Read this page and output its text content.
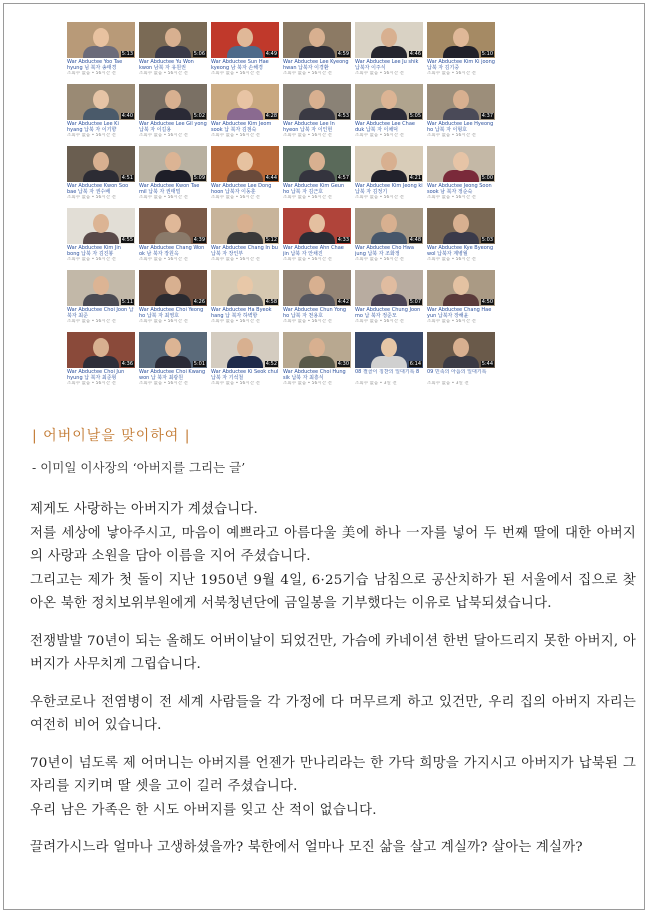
5:13
War Abductee Yoo Tae hyung 님 북자 송태경
조회수 없음 • 56시간 전
5:06
War Abductee Yu Won kwon 남북 자 유원권
조회수 없음 • 56시간 전
4:49
War Abductee Sun Hae kyeong 남 북자 손해경
조회수 없음 • 56시간 전
4:59
War Abductee Lee Kyeong hwan 납북자 이경환
조회수 없음 • 56시간 전
4:46
War Abductee Lee Ju shik 납북자 이주식
조회수 없음 • 56시간 전
5:10
War Abductee Kim Ki joong 납북 자 김기중
조회수 없음 • 56시간 전
4:40
War Abductee Lee Ki hyang 납북 자 이기향
조회수 없음 • 56시간 전
5:02
War Abductee Lee Gil yong 납북 자 이길용
조회수 없음 • 56시간 전
4:28
War Abductee Kim Jeom sook 납 북자 김점숙
조회수 없음 • 56시간 전
4:53
War Abductee Lee In hyeon 납북 자 이인현
조회수 없음 • 56시간 전
5:05
War Abductee Lee Chae duk 납북 자 이채덕
조회수 없음 • 56시간 전
4:37
War Abductee Lee Hyeong ho 납북 자 이형호
조회수 없음 • 56시간 전
4:51
War Abductee Kwon Soo bae 납북 자 권수배
조회수 없음 • 56시간 전
5:09
War Abductee Kwon Tae mil 납북 자 권태밀
조회수 없음 • 56시간 전
4:44
War Abductee Lee Dong hoon 납북자 이동훈
조회수 없음 • 56시간 전
4:57
War Abductee Kim Geun ho 납북 자 김근호
조회수 없음 • 56시간 전
4:21
War Abductee Kim Jeong ki 납북 자 김정기
조회수 없음 • 56시간 전
5:00
War Abductee Jeong Soon sook 남 북자 정순숙
조회수 없음 • 56시간 전
4:55
War Abductee Kim Jin bong 납북 자 김진봉
조회수 없음 • 56시간 전
4:39
War Abductee Chang Won ok 남 북자 장원옥
조회수 없음 • 56시간 전
5:12
War Abductee Chang In bu 납북 자 장인부
조회수 없음 • 56시간 전
4:33
War Abductee Ahn Chae jin 납북 자 안채진
조회수 없음 • 56시간 전
4:48
War Abductee Cho Hwa jung 납북 자 조화정
조회수 없음 • 56시간 전
5:03
War Abductee Kye Byeong wol 납북자 계병월
조회수 없음 • 56시간 전
5:11
War Abductee Choi Joon 납북자 최준
조회수 없음 • 56시간 전
4:26
War Abductee Choi Yeong ho 납북 자 최영호
조회수 없음 • 56시간 전
4:58
War Abductee Ha Byeok hang 납 북자 하벽항
조회수 없음 • 56시간 전
4:42
War Abductee Chun Yong ho 납북 자 천용호
조회수 없음 • 56시간 전
5:07
War Abductee Chung Joon mo 납 북자 정준모
조회수 없음 • 56시간 전
4:50
War Abductee Chang Hae yun 납북자 장해윤
조회수 없음 • 56시간 전
4:36
War Abductee Choi Jun hyung 납 북자 최준형
조회수 없음 • 56시간 전
5:01
War Abductee Choi Kwang won 납 북자 최광원
조회수 없음 • 56시간 전
4:52
War Abductee Ki Seok chul 납북 자 기석철
조회수 없음 • 56시간 전
4:30
War Abductee Choi Hung sik 납북 자 최흥식
조회수 없음 • 56시간 전
6:14
08 절골이 칭찬의 일대기록 8
조회수 없음 • 3일 전
5:44
09 민족의 아픔의 일대기록
조회수 없음 • 3일 전
| 어버이날을 맞이하여 |
- 이미일 이사장의 ‘아버지를 그리는 글’

제게도 사랑하는 아버지가 계셨습니다.
저를 세상에 낳아주시고, 마음이 예쁘라고 아름다울 美에 하나 一자를 넣어 두 번째 딸에 대한 아버지의 사랑과 소원을 담아 이름을 지어 주셨습니다.
그리고는 제가 첫 돌이 지난 1950년 9월 4일, 6·25기습 남침으로 공산치하가 된 서울에서 집으로 찾아온 북한 정치보위부원에게 서북청년단에 금일봉을 기부했다는 이유로 납북되셨습니다.

전쟁발발 70년이 되는 올해도 어버이날이 되었건만, 가슴에 카네이션 한번 달아드리지 못한 아버지, 아버지가 사무치게 그립습니다.

우한코로나 전염병이 전 세계 사람들을 각 가정에 다 머무르게 하고 있건만, 우리 집의 아버지 자리는 여전히 비어 있습니다.

70년이 넘도록 제 어머니는 아버지를 언젠가 만나리라는 한 가닥 희망을 가지시고 아버지가 납북된 그 자리를 지키며 딸 셋을 고이 길러 주셨습니다.
우리 남은 가족은 한 시도 아버지를 잊고 산 적이 없습니다.

끌려가시느라 얼마나 고생하셨을까? 북한에서 얼마나 모진 삶을 살고 계실까? 살아는 계실까?
